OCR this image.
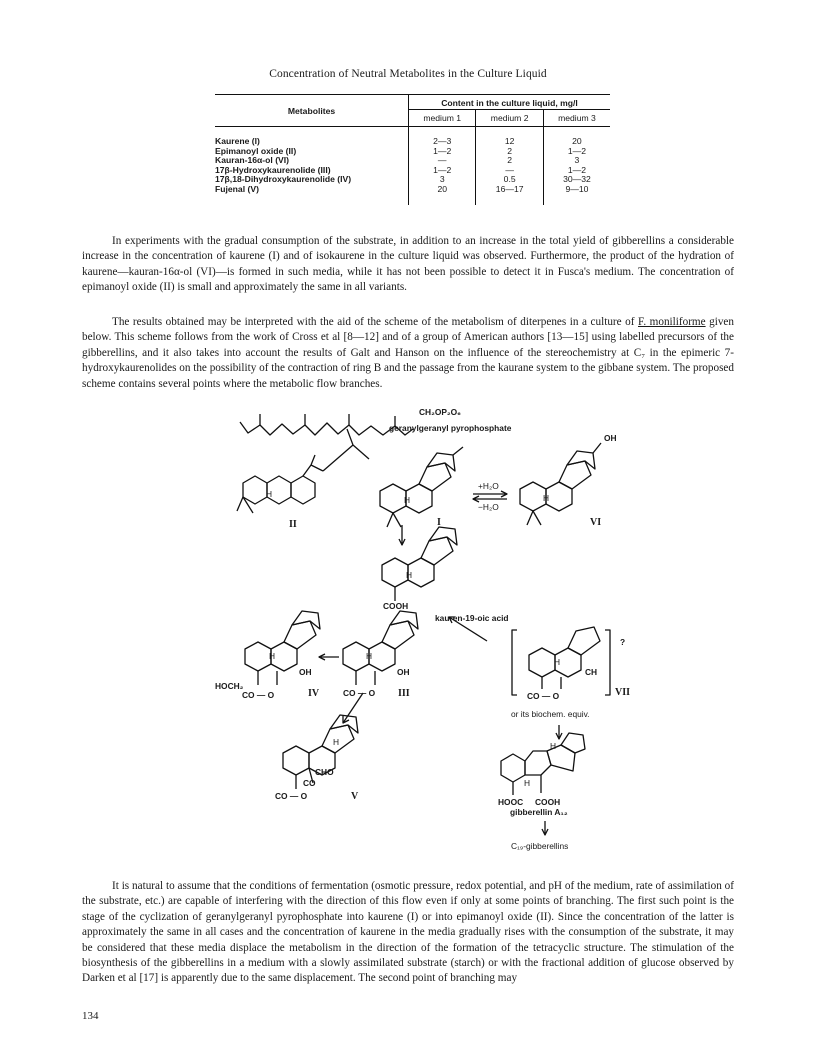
Concentration of Neutral Metabolites in the Culture Liquid
Metabolites	Content in the culture liquid, mg/l		
	medium 1	medium 2	medium 3

Kaurene (I)	2—3	12	20
Epimanoyl oxide (II)	1—2	2	1—2
Kauran-16α-ol (VI)	—	2	3
17β-Hydroxykaurenolide (III)	1—2	—	1—2
17β,18-Dihydroxykaurenolide (IV)	3	0.5	30—32
Fujenal (V)	20	16—17	9—10

In experiments with the gradual consumption of the substrate, in addition to an increase in the total yield of gibberellins a considerable increase in the concentration of kaurene (I) and of isokaurene in the culture liquid was observed. Furthermore, the product of the hydration of kaurene—kauran-16α-ol (VI)—is formed in such media, while it has not been possible to detect it in Fusca's medium. The concentration of epimanoyl oxide (II) is small and approximately the same in all variants.

The results obtained may be interpreted with the aid of the scheme of the metabolism of diterpenes in a culture of F. moniliforme given below. This scheme follows from the work of Cross et al [8—12] and of a group of American authors [13—15] using labelled precursors of the gibberellins, and it also takes into account the results of Galt and Hanson on the influence of the stereochemistry at C₇ in the epimeric 7-hydroxykaurenolides on the possibility of the contraction of ring B and the passage from the kaurane system to the gibbane system. The proposed scheme contains several points where the metabolic flow branches.

CH₂OP₂O₆
geranylgeranyl pyrophosphate
OH
H
H	H
+H₂O
−H₂O
II	I	VI
H
COOH
kauren-19-oic acid
?
H
CH
H
OH
H
OH
HOCH₂
CO — O	IV	CO — O III	CO — O	VII
or its biochem. equiv.
H
H
CHO
CO
CO — O	V
H
HOOC COOH
gibberellin A₁₂
C₁₉-gibberellins

It is natural to assume that the conditions of fermentation (osmotic pressure, redox potential, and pH of the medium, rate of assimilation of the substrate, etc.) are capable of interfering with the direction of this flow even if only at some points of branching. The first such point is the stage of the cyclization of geranylgeranyl pyrophosphate into kaurene (I) or into epimanoyl oxide (II). Since the concentration of the latter is approximately the same in all cases and the concentration of kaurene in the media gradually rises with the consumption of the substrate, it may be considered that these media displace the metabolism in the direction of the formation of the tetracyclic structure. The stimulation of the biosynthesis of the gibberellins in a medium with a slowly assimilated substrate (starch) or with the fractional addition of glucose observed by Darken et al [17] is apparently due to the same displacement. The second point of branching may

134
